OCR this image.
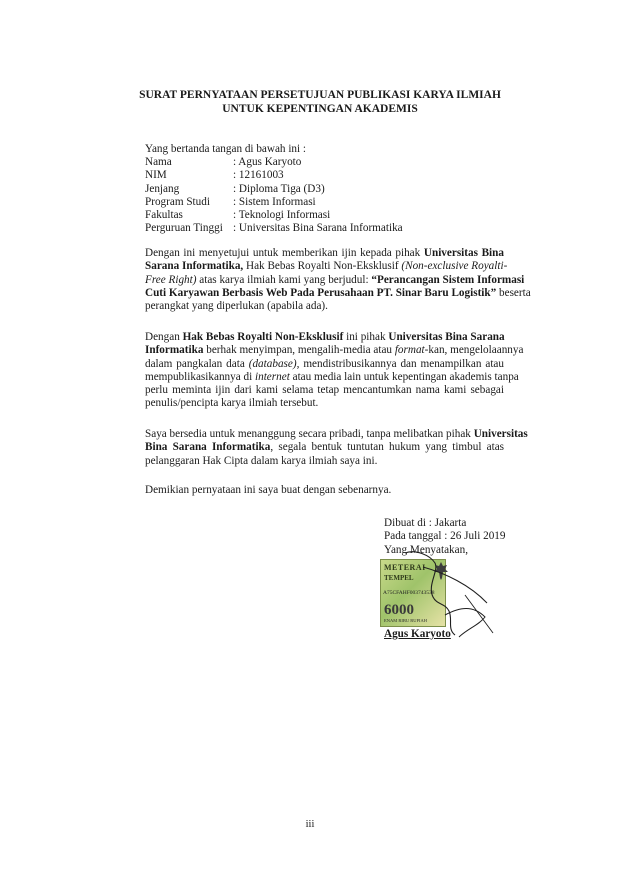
SURAT PERNYATAAN PERSETUJUAN PUBLIKASI KARYA ILMIAH
UNTUK KEPENTINGAN AKADEMIS
Yang bertanda tangan di bawah ini :
Nama	: Agus Karyoto
NIM	: 12161003
Jenjang	: Diploma Tiga (D3)
Program Studi	: Sistem Informasi
Fakultas	: Teknologi Informasi
Perguruan Tinggi : Universitas Bina Sarana Informatika
Dengan ini menyetujui untuk memberikan ijin kepada pihak Universitas Bina
Sarana Informatika, Hak Bebas Royalti Non-Eksklusif (Non-exclusive Royalti-
Free Right) atas karya ilmiah kami yang berjudul: “Perancangan Sistem Informasi
Cuti Karyawan Berbasis Web Pada Perusahaan PT. Sinar Baru Logistik” beserta
perangkat yang diperlukan (apabila ada).
Dengan Hak Bebas Royalti Non-Eksklusif ini pihak Universitas Bina Sarana
Informatika berhak menyimpan, mengalih-media atau format-kan, mengelolaannya
dalam pangkalan data (database), mendistribusikannya dan menampilkan atau
mempublikasikannya di internet atau media lain untuk kepentingan akademis tanpa
perlu meminta ijin dari kami selama tetap mencantumkan nama kami sebagai
penulis/pencipta karya ilmiah tersebut.
Saya bersedia untuk menanggung secara pribadi, tanpa melibatkan pihak Universitas
Bina Sarana Informatika, segala bentuk tuntutan hukum yang timbul atas
pelanggaran Hak Cipta dalam karya ilmiah saya ini.
Demikian pernyataan ini saya buat dengan sebenarnya.
Dibuat di : Jakarta
Pada tanggal : 26 Juli 2019
Yang Menyatakan,
METERAI
TEMPEL
A75CFAHF003743538
6000
ENAM RIBU RUPIAH
Agus Karyoto
iii
